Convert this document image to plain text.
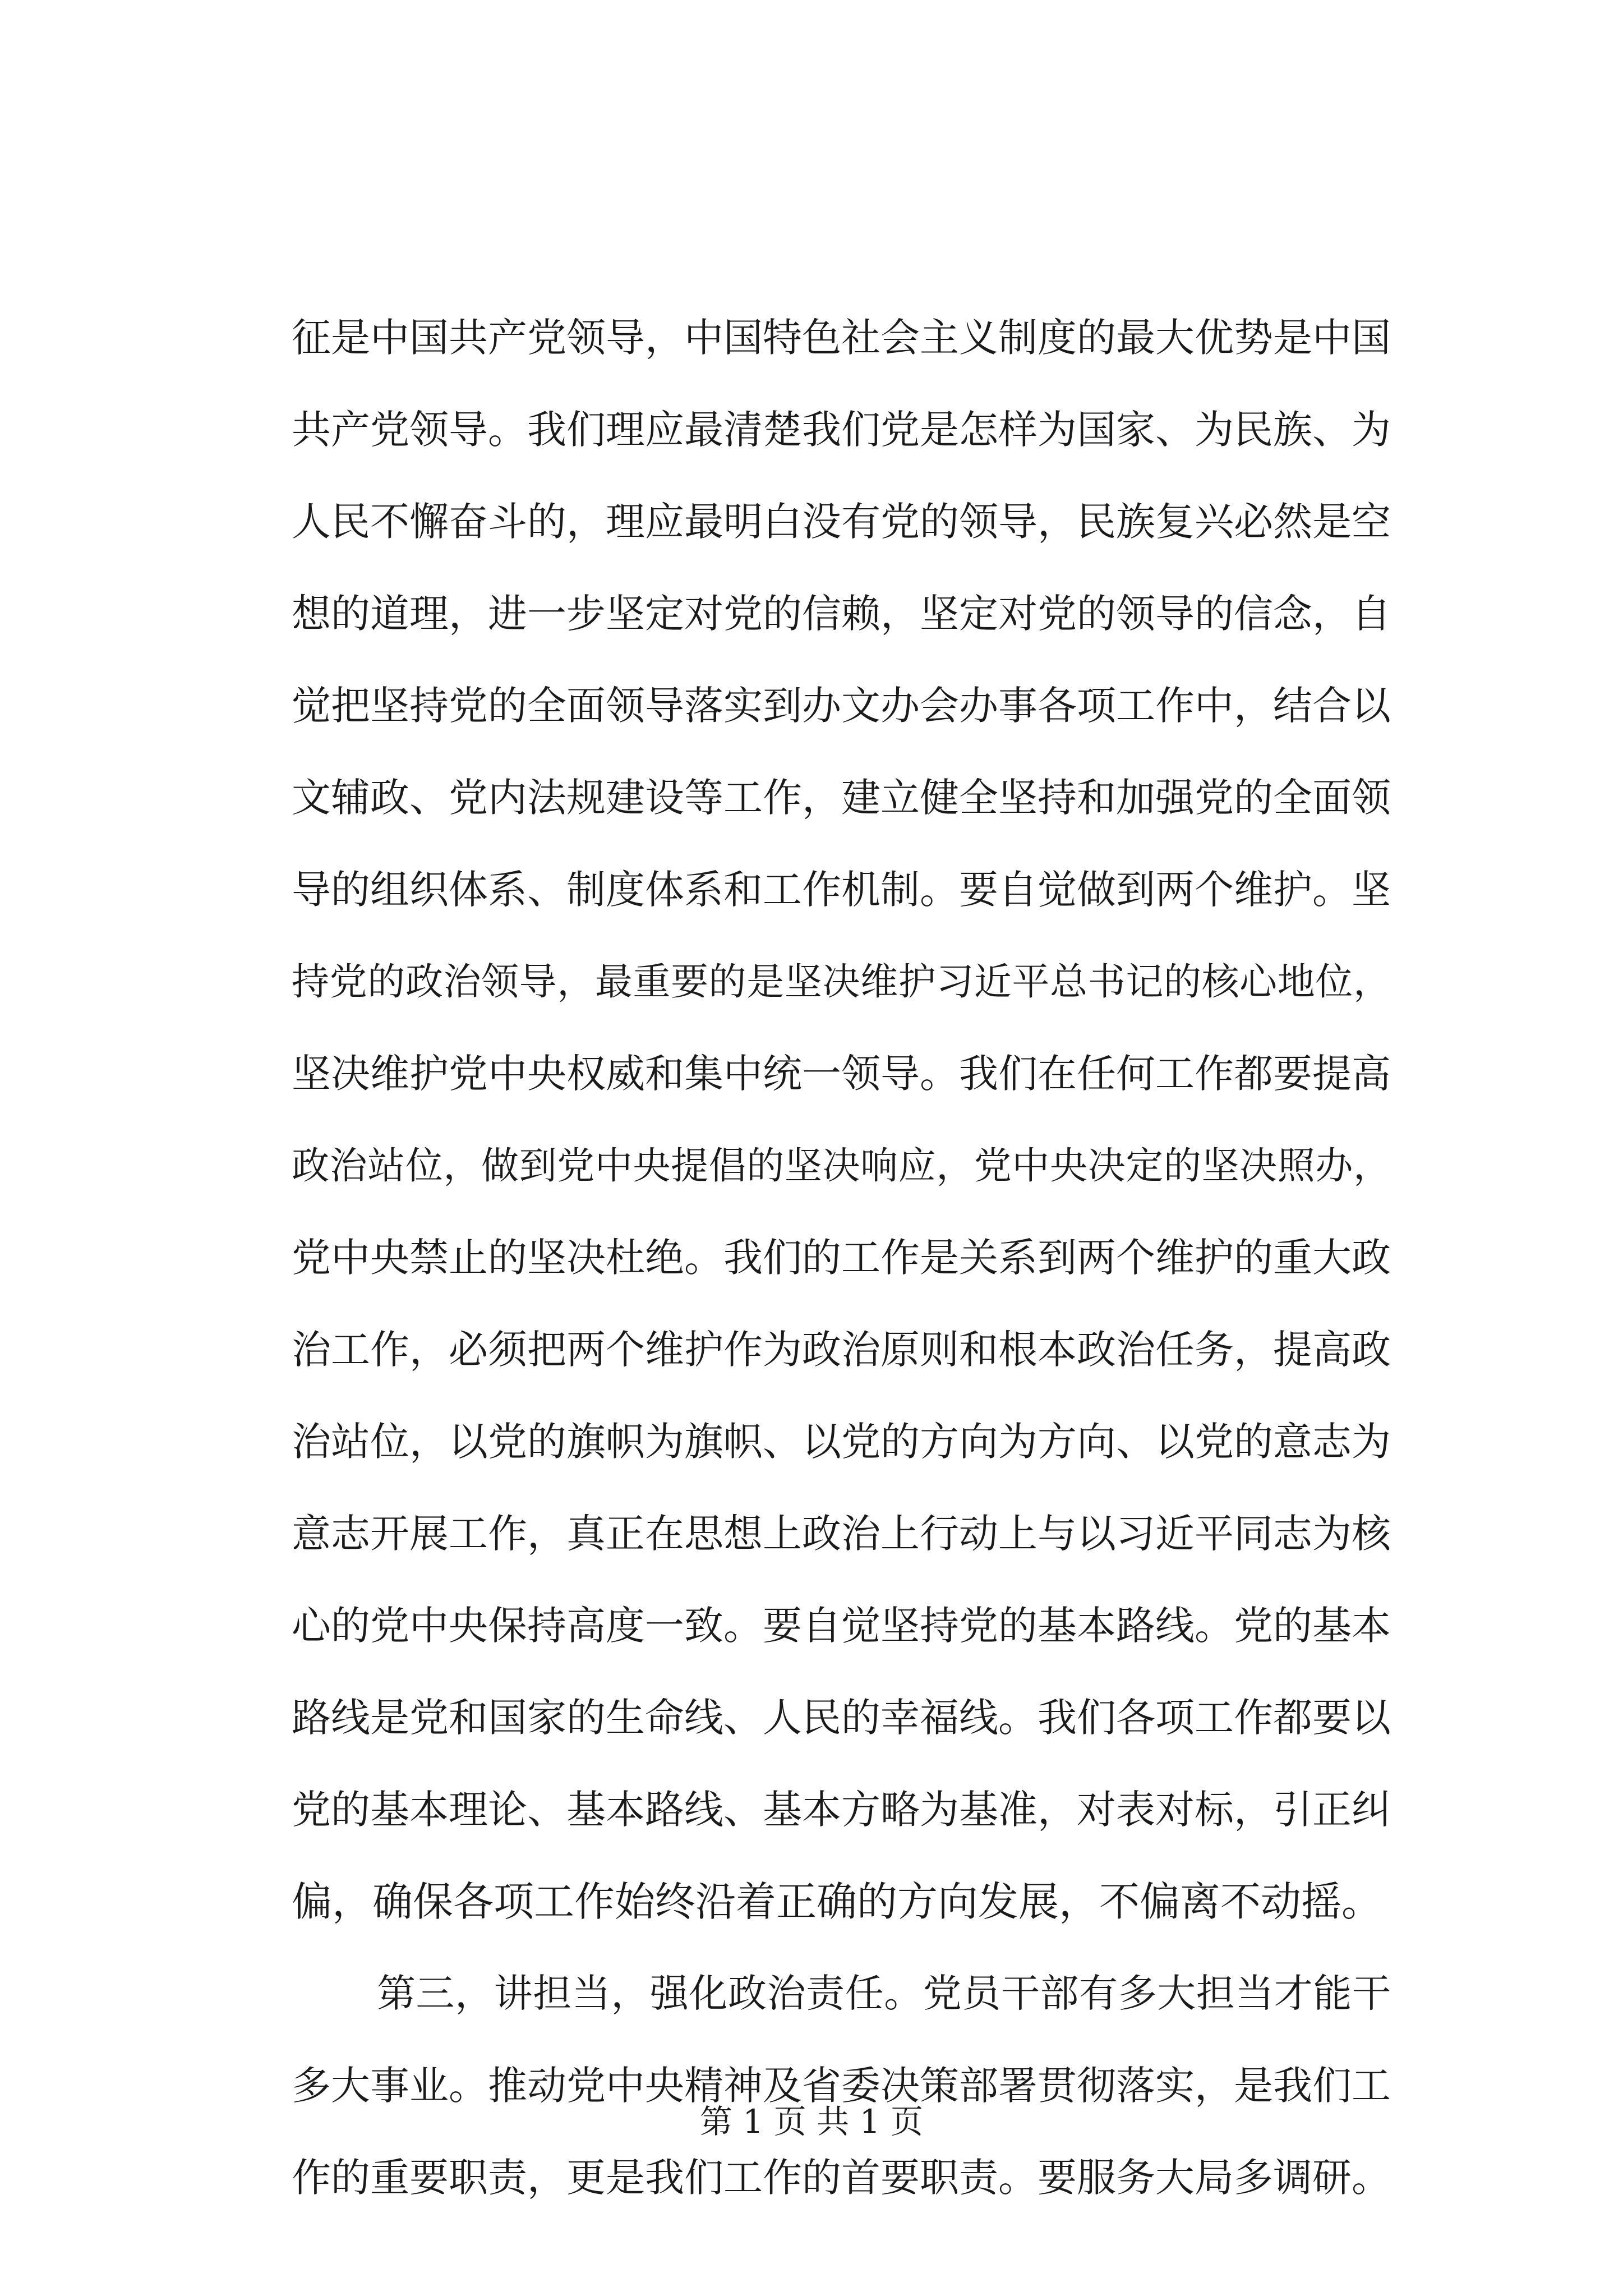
征是中国共产党领导，中国特色社会主义制度的最大优势是中国
共产党领导。我们理应最清楚我们党是怎样为国家、为民族、为
人民不懈奋斗的，理应最明白没有党的领导，民族复兴必然是空
想的道理，进一步坚定对党的信赖，坚定对党的领导的信念，自
觉把坚持党的全面领导落实到办文办会办事各项工作中，结合以
文辅政、党内法规建设等工作，建立健全坚持和加强党的全面领
导的组织体系、制度体系和工作机制。要自觉做到两个维护。坚
持党的政治领导，最重要的是坚决维护习近平总书记的核心地位，
坚决维护党中央权威和集中统一领导。我们在任何工作都要提高
政治站位，做到党中央提倡的坚决响应，党中央决定的坚决照办，
党中央禁止的坚决杜绝。我们的工作是关系到两个维护的重大政
治工作，必须把两个维护作为政治原则和根本政治任务，提高政
治站位，以党的旗帜为旗帜、以党的方向为方向、以党的意志为
意志开展工作，真正在思想上政治上行动上与以习近平同志为核
心的党中央保持高度一致。要自觉坚持党的基本路线。党的基本
路线是党和国家的生命线、人民的幸福线。我们各项工作都要以
党的基本理论、基本路线、基本方略为基准，对表对标，引正纠
偏，确保各项工作始终沿着正确的方向发展，不偏离不动摇。
第三，讲担当，强化政治责任。党员干部有多大担当才能干
多大事业。推动党中央精神及省委决策部署贯彻落实，是我们工
作的重要职责，更是我们工作的首要职责。要服务大局多调研。
第 1 页 共 1 页
